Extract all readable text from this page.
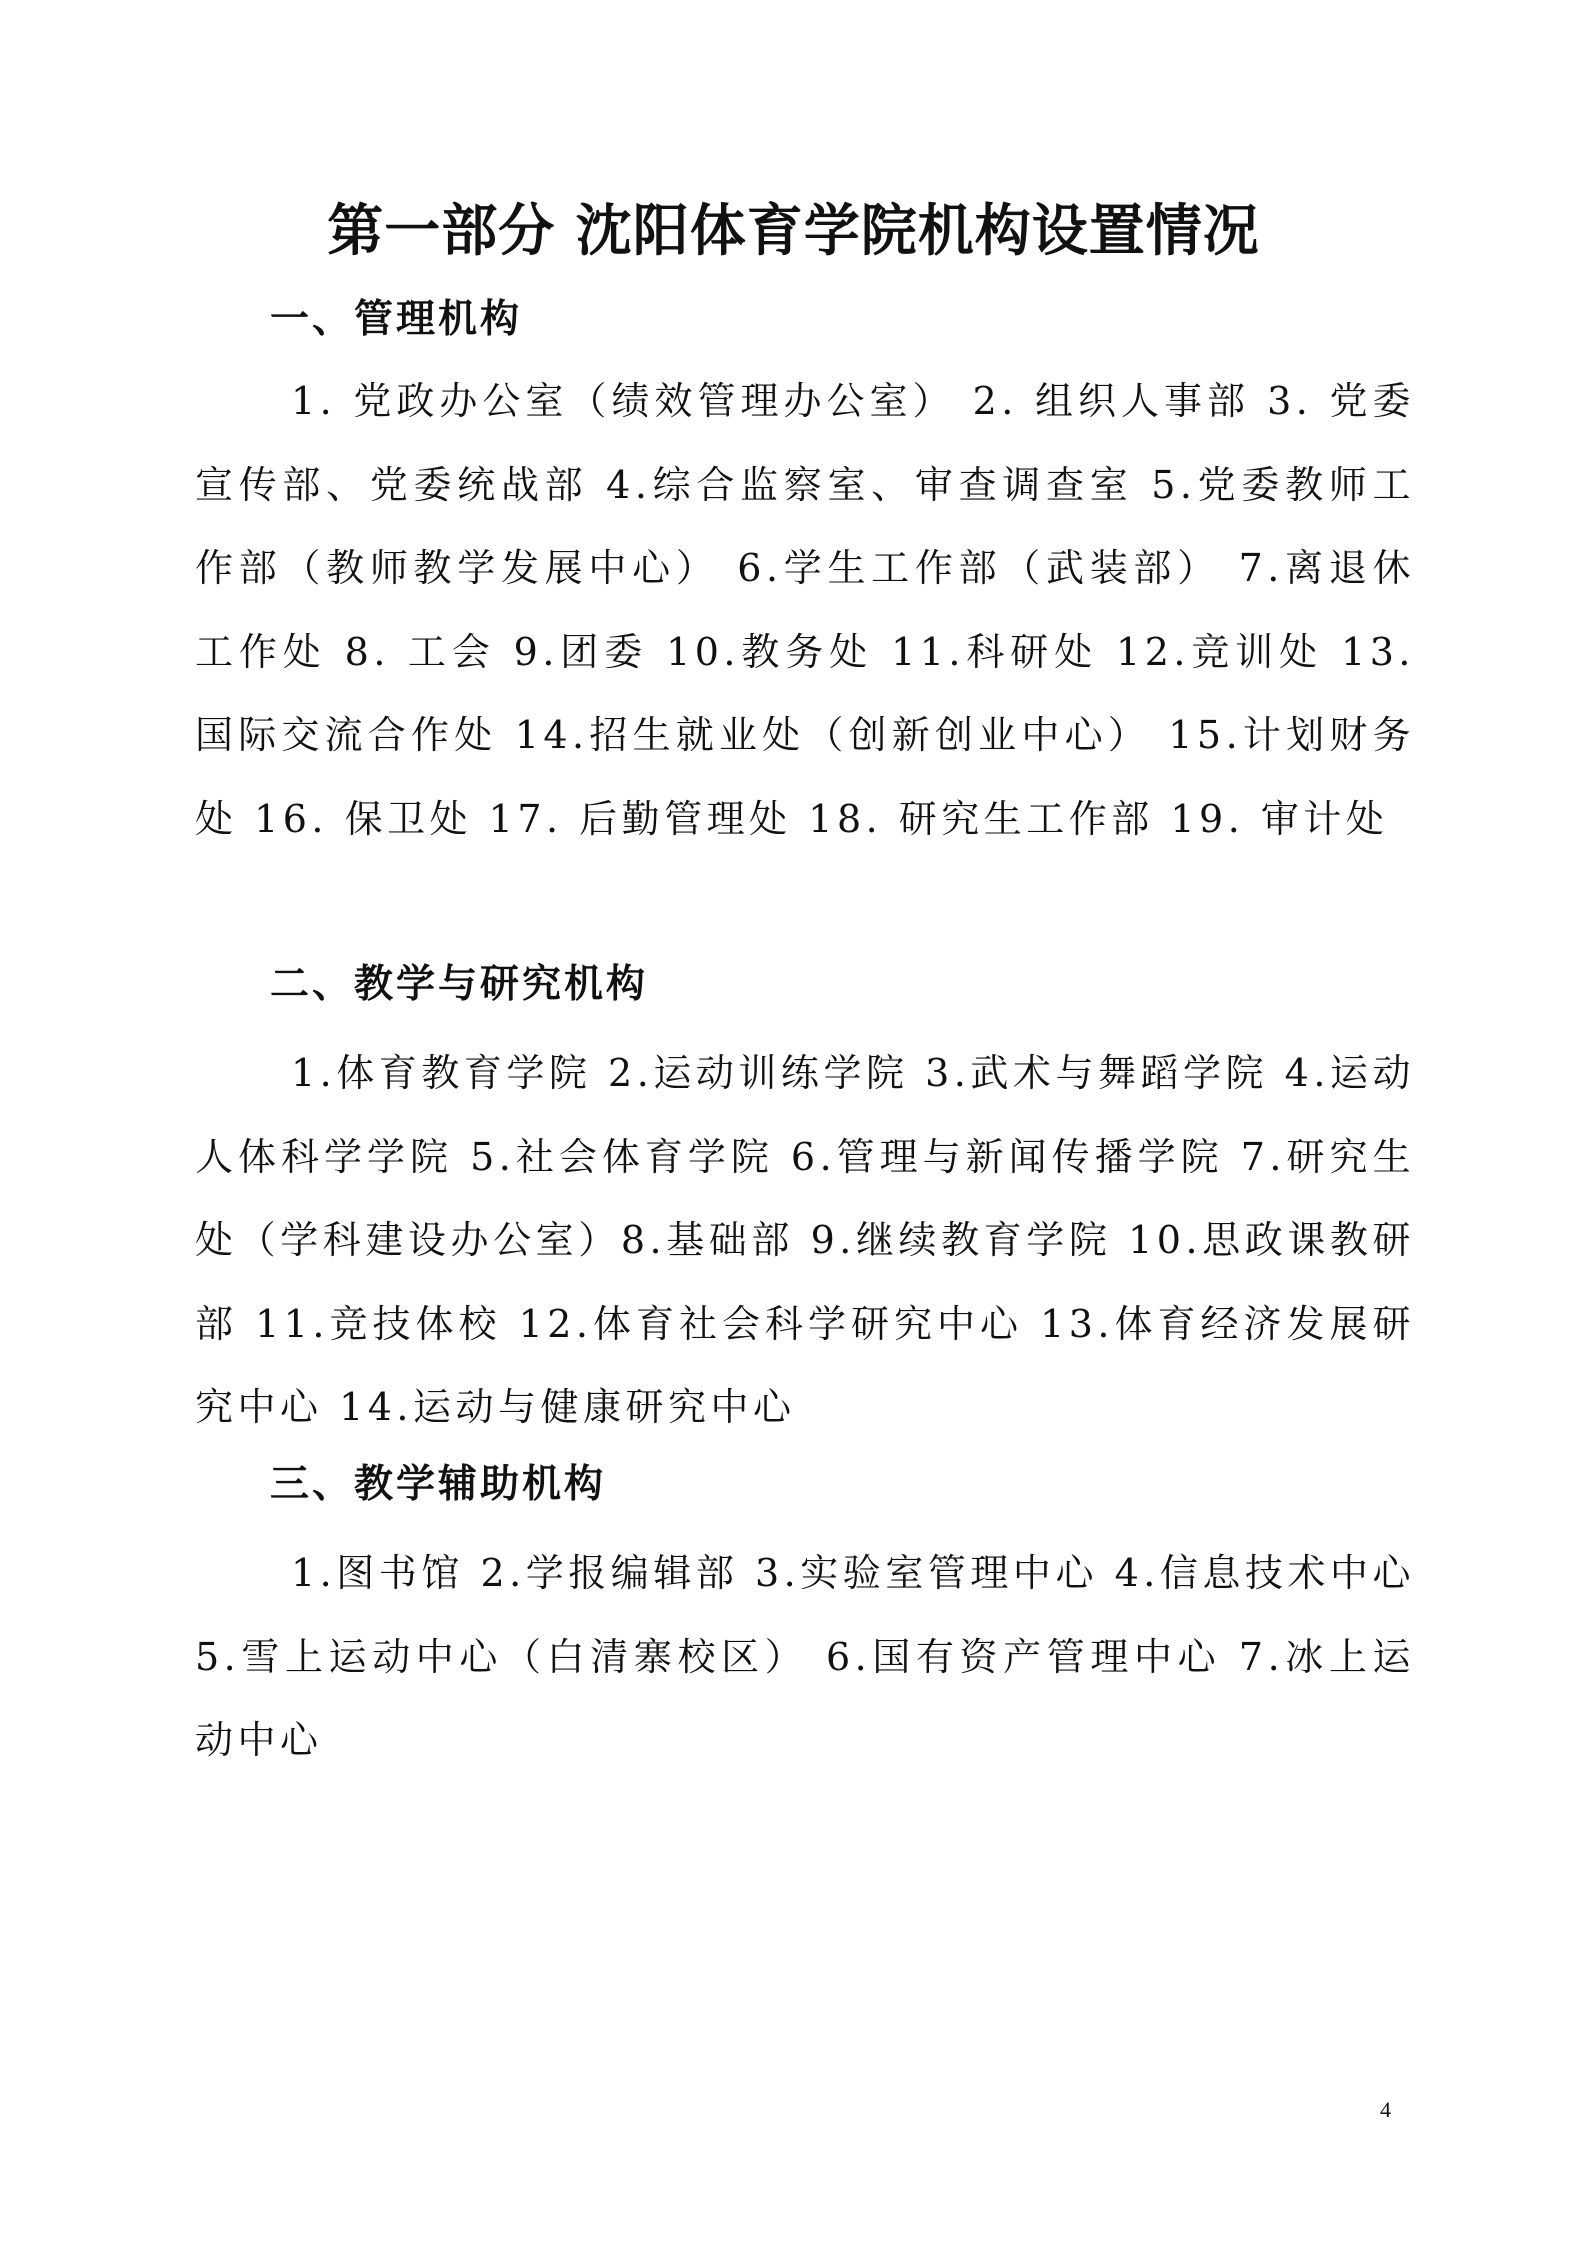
第一部分 沈阳体育学院机构设置情况
一、管理机构

1. 党政办公室（绩效管理办公室） 2. 组织人事部 3. 党委宣传部、党委统战部 4.综合监察室、审查调查室 5.党委教师工作部（教师教学发展中心） 6.学生工作部（武装部） 7.离退休工作处 8. 工会 9.团委 10.教务处 11.科研处 12.竞训处 13.国际交流合作处 14.招生就业处（创新创业中心） 15.计划财务处 16. 保卫处 17. 后勤管理处 18. 研究生工作部 19. 审计处

二、教学与研究机构

1.体育教育学院 2.运动训练学院 3.武术与舞蹈学院 4.运动人体科学学院 5.社会体育学院 6.管理与新闻传播学院 7.研究生处（学科建设办公室）8.基础部 9.继续教育学院 10.思政课教研部 11.竞技体校 12.体育社会科学研究中心 13.体育经济发展研究中心 14.运动与健康研究中心

三、教学辅助机构

1.图书馆 2.学报编辑部 3.实验室管理中心 4.信息技术中心 5.雪上运动中心（白清寨校区） 6.国有资产管理中心 7.冰上运动中心

4
